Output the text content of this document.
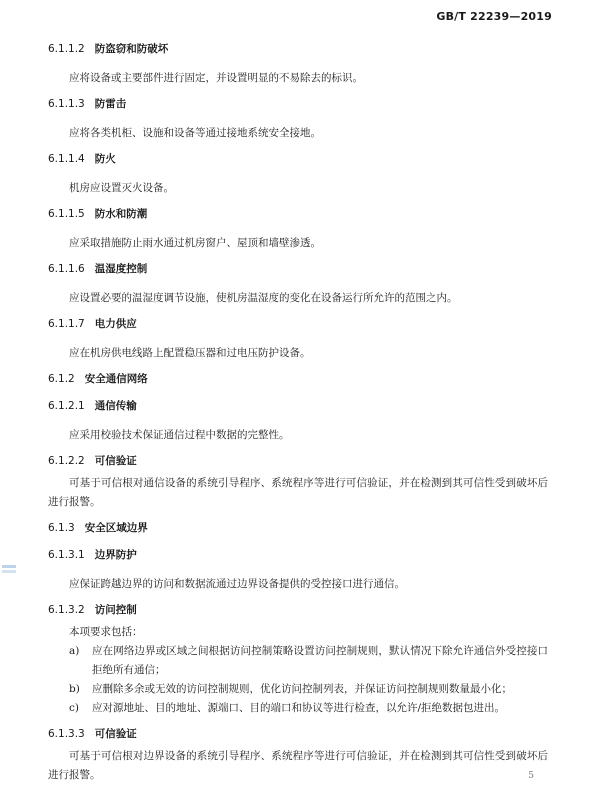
GB/T 22239—2019

6.1.1.2 防盗窃和防破坏

应将设备或主要部件进行固定，并设置明显的不易除去的标识。

6.1.1.3 防雷击

应将各类机柜、设施和设备等通过接地系统安全接地。

6.1.1.4 防火

机房应设置灭火设备。

6.1.1.5 防水和防潮

应采取措施防止雨水通过机房窗户、屋顶和墙壁渗透。

6.1.1.6 温湿度控制

应设置必要的温湿度调节设施，使机房温湿度的变化在设备运行所允许的范围之内。

6.1.1.7 电力供应

应在机房供电线路上配置稳压器和过电压防护设备。

6.1.2 安全通信网络

6.1.2.1 通信传输

应采用校验技术保证通信过程中数据的完整性。

6.1.2.2 可信验证

可基于可信根对通信设备的系统引导程序、系统程序等进行可信验证，并在检测到其可信性受到破坏后进行报警。

6.1.3 安全区域边界

6.1.3.1 边界防护

应保证跨越边界的访问和数据流通过边界设备提供的受控接口进行通信。

6.1.3.2 访问控制

本项要求包括：

a) 应在网络边界或区域之间根据访问控制策略设置访问控制规则，默认情况下除允许通信外受控接口拒绝所有通信；
b) 应删除多余或无效的访问控制规则，优化访问控制列表，并保证访问控制规则数量最小化；
c) 应对源地址、目的地址、源端口、目的端口和协议等进行检查，以允许/拒绝数据包进出。

6.1.3.3 可信验证

可基于可信根对边界设备的系统引导程序、系统程序等进行可信验证，并在检测到其可信性受到破坏后进行报警。	5
